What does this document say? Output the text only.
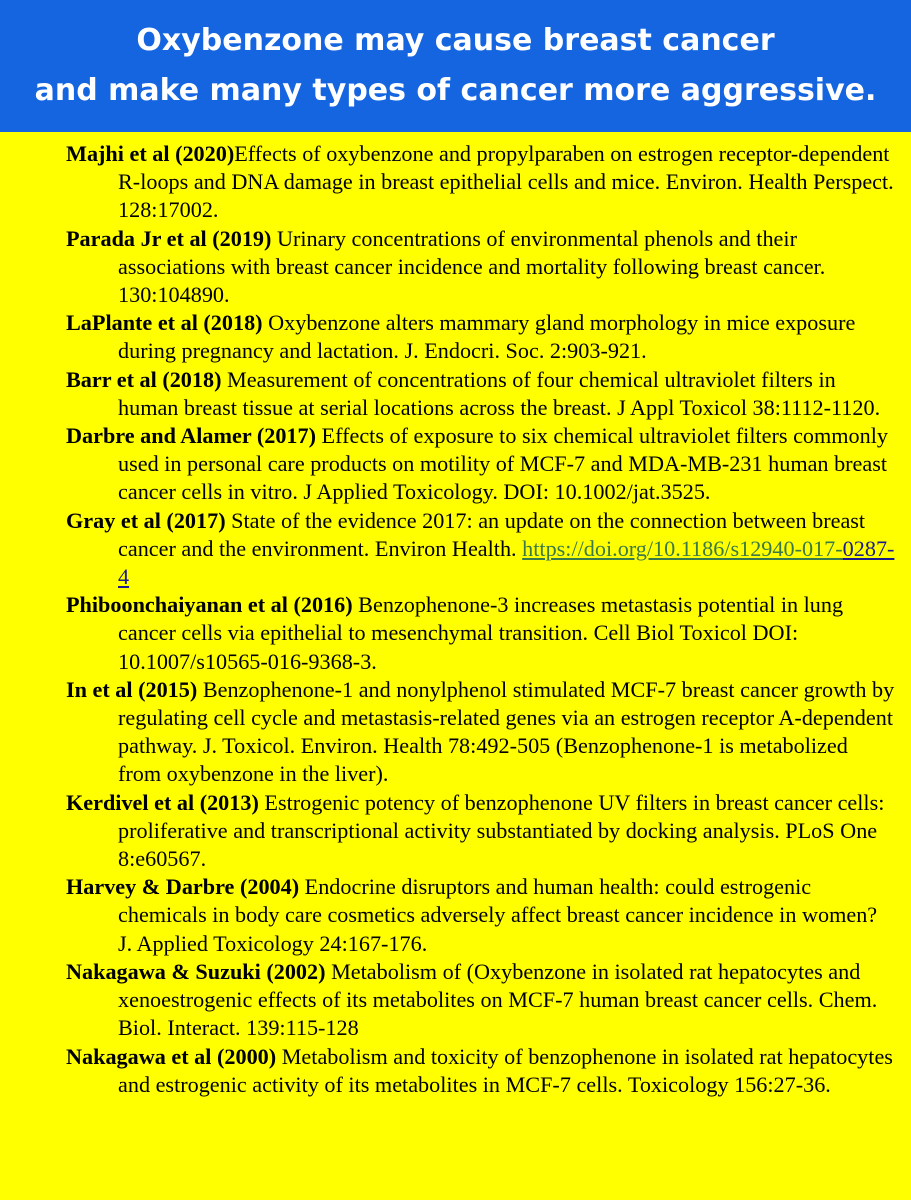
Oxybenzone may cause breast cancer
and make many types of cancer more aggressive.
Majhi et al (2020)Effects of oxybenzone and propylparaben on estrogen receptor-dependent R-loops and DNA damage in breast epithelial cells and mice. Environ. Health Perspect. 128:17002.
Parada Jr et al (2019) Urinary concentrations of environmental phenols and their associations with breast cancer incidence and mortality following breast cancer. 130:104890.
LaPlante et al (2018) Oxybenzone alters mammary gland morphology in mice exposure during pregnancy and lactation. J. Endocri. Soc. 2:903-921.
Barr et al (2018) Measurement of concentrations of four chemical ultraviolet filters in human breast tissue at serial locations across the breast. J Appl Toxicol 38:1112-1120.
Darbre and Alamer (2017) Effects of exposure to six chemical ultraviolet filters commonly used in personal care products on motility of MCF-7 and MDA-MB-231 human breast cancer cells in vitro. J Applied Toxicology. DOI: 10.1002/jat.3525.
Gray et al (2017) State of the evidence 2017: an update on the connection between breast cancer and the environment. Environ Health. https://doi.org/10.1186/s12940-017-0287-4
Phiboonchaiyanan et al (2016) Benzophenone-3 increases metastasis potential in lung cancer cells via epithelial to mesenchymal transition. Cell Biol Toxicol DOI: 10.1007/s10565-016-9368-3.
In et al (2015) Benzophenone-1 and nonylphenol stimulated MCF-7 breast cancer growth by regulating cell cycle and metastasis-related genes via an estrogen receptor A-dependent pathway. J. Toxicol. Environ. Health 78:492-505 (Benzophenone-1 is metabolized from oxybenzone in the liver).
Kerdivel et al (2013) Estrogenic potency of benzophenone UV filters in breast cancer cells: proliferative and transcriptional activity substantiated by docking analysis. PLoS One 8:e60567.
Harvey & Darbre (2004) Endocrine disruptors and human health: could estrogenic chemicals in body care cosmetics adversely affect breast cancer incidence in women? J. Applied Toxicology 24:167-176.
Nakagawa & Suzuki (2002) Metabolism of (Oxybenzone in isolated rat hepatocytes and xenoestrogenic effects of its metabolites on MCF-7 human breast cancer cells. Chem. Biol. Interact. 139:115-128
Nakagawa et al (2000) Metabolism and toxicity of benzophenone in isolated rat hepatocytes and estrogenic activity of its metabolites in MCF-7 cells. Toxicology 156:27-36.
